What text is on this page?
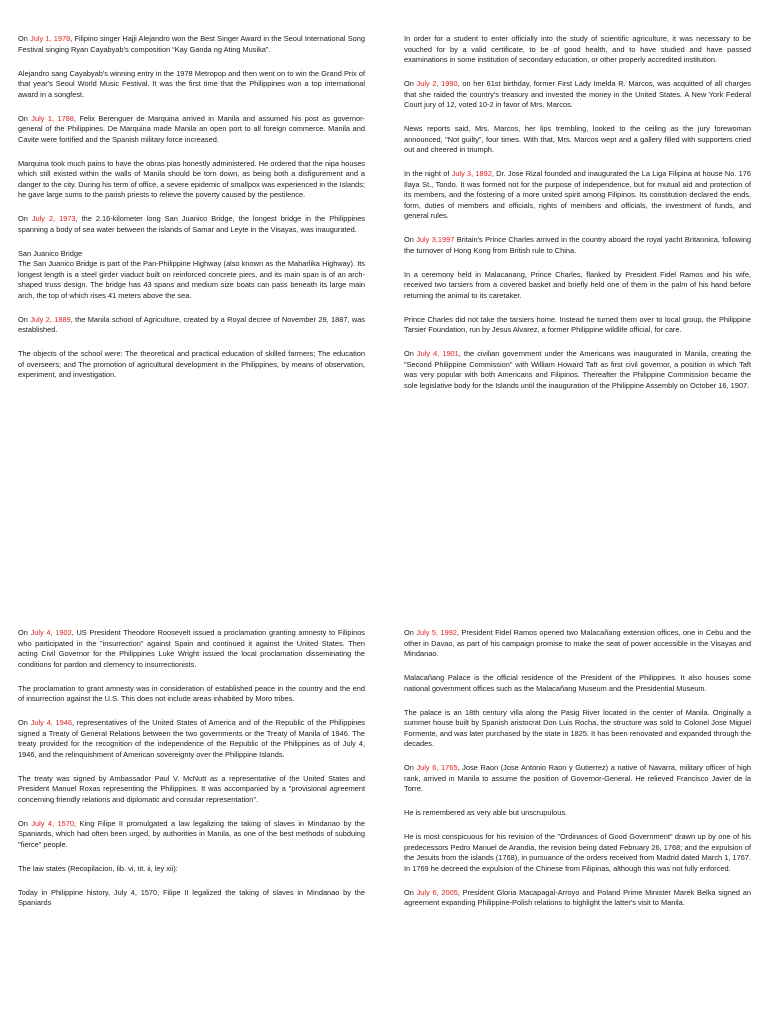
On July 1, 1978, Filipino singer Hajji Alejandro won the Best Singer Award in the Seoul International Song Festival singing Ryan Cayabyab's composition “Kay Ganda ng Ating Musika”.

Alejandro sang Cayabyab's winning entry in the 1978 Metropop and then went on to win the Grand Prix of that year's Seoul World Music Festival. It was the first time that the Philippines won a top international award in a songfest.

On July 1, 1788, Felix Berenguer de Marquina arrived in Manila and assumed his post as governor-general of the Philippines. De Marquina made Manila an open port to all foreign commerce. Manila and Cavite were fortified and the Spanish military force increased.

Marquina took much pains to have the obras pias honestly administered. He ordered that the nipa houses which still existed within the walls of Manila should be torn down, as being both a disfigurement and a danger to the city. During his term of office, a severe epidemic of smallpox was experienced in the Islands; he gave large sums to the parish priests to relieve the poverty caused by the pestilence.

On July 2, 1973, the 2.16-kilometer long San Juanico Bridge, the longest bridge in the Philippines spanning a body of sea water between the islands of Samar and Leyte in the Visayas, was inaugurated.

San Juanico Bridge
The San Juanico Bridge is part of the Pan-Philippine Highway (also known as the Maharlika Highway). Its longest length is a steel girder viaduct built on reinforced concrete piers, and its main span is of an arch-shaped truss design. The bridge has 43 spans and medium size boats can pass beneath its large main arch, the top of which rises 41 meters above the sea.

On July 2, 1889, the Manila school of Agriculture, created by a Royal decree of November 29, 1887, was established.

The objects of the school were: The theoretical and practical education of skilled farmers; The education of overseers; and The promotion of agricultural development in the Philippines, by means of observation, experiment, and investigation.

In order for a student to enter officially into the study of scientific agriculture, it was necessary to be vouched for by a valid certificate, to be of good health, and to have studied and have passed examinations in some institution of secondary education, or other properly accredited institution.

On July 2, 1990, on her 61st birthday, former First Lady Imelda R. Marcos, was acquitted of all charges that she raided the country's treasury and invested the money in the United States. A New York Federal Court jury of 12, voted 10-2 in favor of Mrs. Marcos.

News reports said, Mrs. Marcos, her lips trembling, looked to the ceiling as the jury forewoman announced, "Not guilty", four times. With that, Mrs. Marcos wept and a gallery filled with supporters cried out and cheered in triumph.

In the night of July 3, 1892, Dr. Jose Rizal founded and inaugurated the La Liga Filipina at house No. 176 Ilaya St., Tondo. It was formed not for the purpose of independence, but for mutual aid and protection of its members, and the fostering of a more united spirit among Filipinos. Its constitution declared the ends, form, duties of members and officials, rights of members and officials, the investment of funds, and general rules.

On July 3,1997 Britain's Prince Charles arrived in the country aboard the royal yacht Britannica, following the turnover of Hong Kong from British rule to China.

In a ceremony held in Malacanang, Prince Charles, flanked by President Fidel Ramos and his wife, received two tarsiers from a covered basket and briefly held one of them in the palm of his hand before returning the animal to its caretaker.

Prince Charles did not take the tarsiers home. Instead he turned them over to local group, the Philippine Tarsier Foundation, run by Jesus Alvarez, a former Philippine wildlife official, for care.

On July 4, 1901, the civilian government under the Americans was inaugurated in Manila, creating the "Second Philippine Commission" with William Howard Taft as first civil governor, a position in which Taft was very popular with both Americans and Filipinos. Thereafter the Philippine Commission became the sole legislative body for the Islands until the inauguration of the Philippine Assembly on October 16, 1907.

On July 4, 1902, US President Theodore Roosevelt issued a proclamation granting amnesty to Filipinos who participated in the "insurrection" against Spain and continued it against the United States. Then acting Civil Governor for the Philippines Luke Wright issued the local proclamation disseminating the conditions for pardon and clemency to insurrectionists.

The proclamation to grant amnesty was in consideration of established peace in the country and the end of insurrection against the U.S. This does not include areas inhabited by Moro tribes.

On July 4, 1946, representatives of the United States of America and of the Republic of the Philippines signed a Treaty of General Relations between the two governments or the Treaty of Manila of 1946. The treaty provided for the recognition of the independence of the Republic of the Philippines as of July 4, 1946, and the relinquishment of American sovereignty over the Philippine Islands.

The treaty was signed by Ambassador Paul V. McNutt as a representative of the United States and President Manuel Roxas representing the Philippines. It was accompanied by a "provisional agreement concerning friendly relations and diplomatic and consular representation".

On July 4, 1570, King Filipe II promulgated a law legalizing the taking of slaves in Mindanao by the Spaniards, which had often been urged, by authorities in Manila, as one of the best methods of subduing "fierce" people.

The law states (Recopilacion, lib. vi, tit. ii, ley xii):

Today in Philippine history, July 4, 1570, Filipe II legalized the taking of slaves in Mindanao by the Spaniards

On July 5, 1992, President Fidel Ramos opened two Malacañang extension offices, one in Cebu and the other in Davao, as part of his campaign promise to make the seat of power accessible in the Visayas and Mindanao.

Malacañang Palace is the official residence of the President of the Philippines. It also houses some national government offices such as the Malacañang Museum and the Presidential Museum.

The palace is an 18th century villa along the Pasig River located in the center of Manila. Originally a summer house built by Spanish aristocrat Don Luis Rocha, the structure was sold to Colonel Jose Miguel Formente, and was later purchased by the state in 1825. It has been renovated and expanded through the decades.

On July 6, 1765, Jose Raon (Jose Antonio Raon y Gutierrez) a native of Navarra, military officer of high rank, arrived in Manila to assume the position of Governor-General. He relieved Francisco Javier de la Torre.

He is remembered as very able but unscrupulous.

He is most conspicuous for his revision of the "Ordinances of Good Government" drawn up by one of his predecessors Pedro Manuel de Arandia, the revision being dated February 26, 1768; and the expulsion of the Jesuits from the islands (1768), in pursuance of the orders received from Madrid dated March 1, 1767. In 1769 he decreed the expulsion of the Chinese from Filipinas, although this was not fully enforced.

On July 6, 2005, President Gloria Macapagal-Arroyo and Poland Prime Minister Marek Belka signed an agreement expanding Philippine-Polish relations to highlight the latter's visit to Manila.
